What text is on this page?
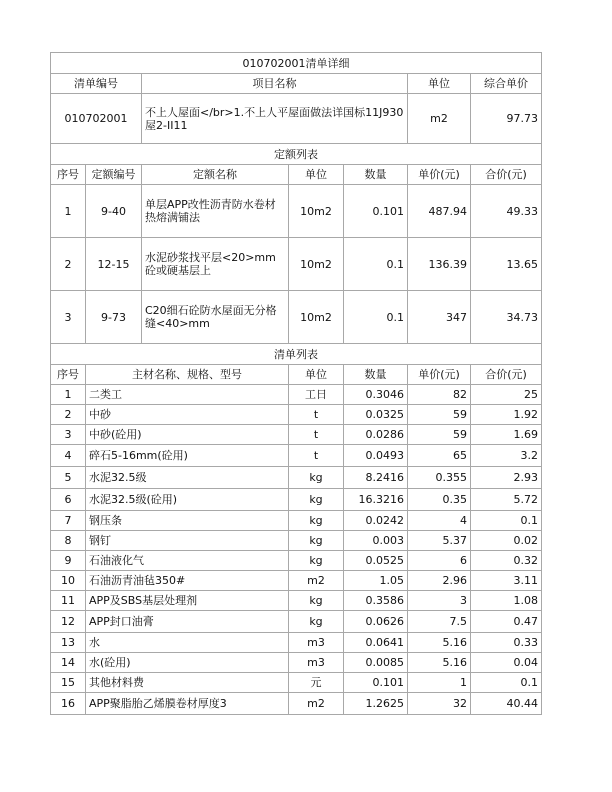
010702001清单详细						
清单编号		项目名称			单位	综合单价
010702001		不上人屋面</br>1.不上人平屋面做法详国标11J930屋2-II11			m2	97.73
定额列表						
序号	定额编号	定额名称	单位	数量	单价(元)	合价(元)
1	9-40	单层APP改性沥青防水卷材热熔满铺法	10m2	0.101	487.94	49.33
2	12-15	水泥砂浆找平层<20>mm砼或硬基层上	10m2	0.1	136.39	13.65
3	9-73	C20细石砼防水屋面无分格缝<40>mm	10m2	0.1	347	34.73
清单列表						
序号	主材名称、规格、型号		单位	数量	单价(元)	合价(元)
1	二类工		工日	0.3046	82	25
2	中砂		t	0.0325	59	1.92
3	中砂(砼用)		t	0.0286	59	1.69
4	碎石5-16mm(砼用)		t	0.0493	65	3.2
5	水泥32.5级		kg	8.2416	0.355	2.93
6	水泥32.5级(砼用)		kg	16.3216	0.35	5.72
7	钢压条		kg	0.0242	4	0.1
8	钢钉		kg	0.003	5.37	0.02
9	石油液化气		kg	0.0525	6	0.32
10	石油沥青油毡350#		m2	1.05	2.96	3.11
11	APP及SBS基层处理剂		kg	0.3586	3	1.08
12	APP封口油膏		kg	0.0626	7.5	0.47
13	水		m3	0.0641	5.16	0.33
14	水(砼用)		m3	0.0085	5.16	0.04
15	其他材料费		元	0.101	1	0.1
16	APP聚脂胎乙烯膜卷材厚度3		m2	1.2625	32	40.44
